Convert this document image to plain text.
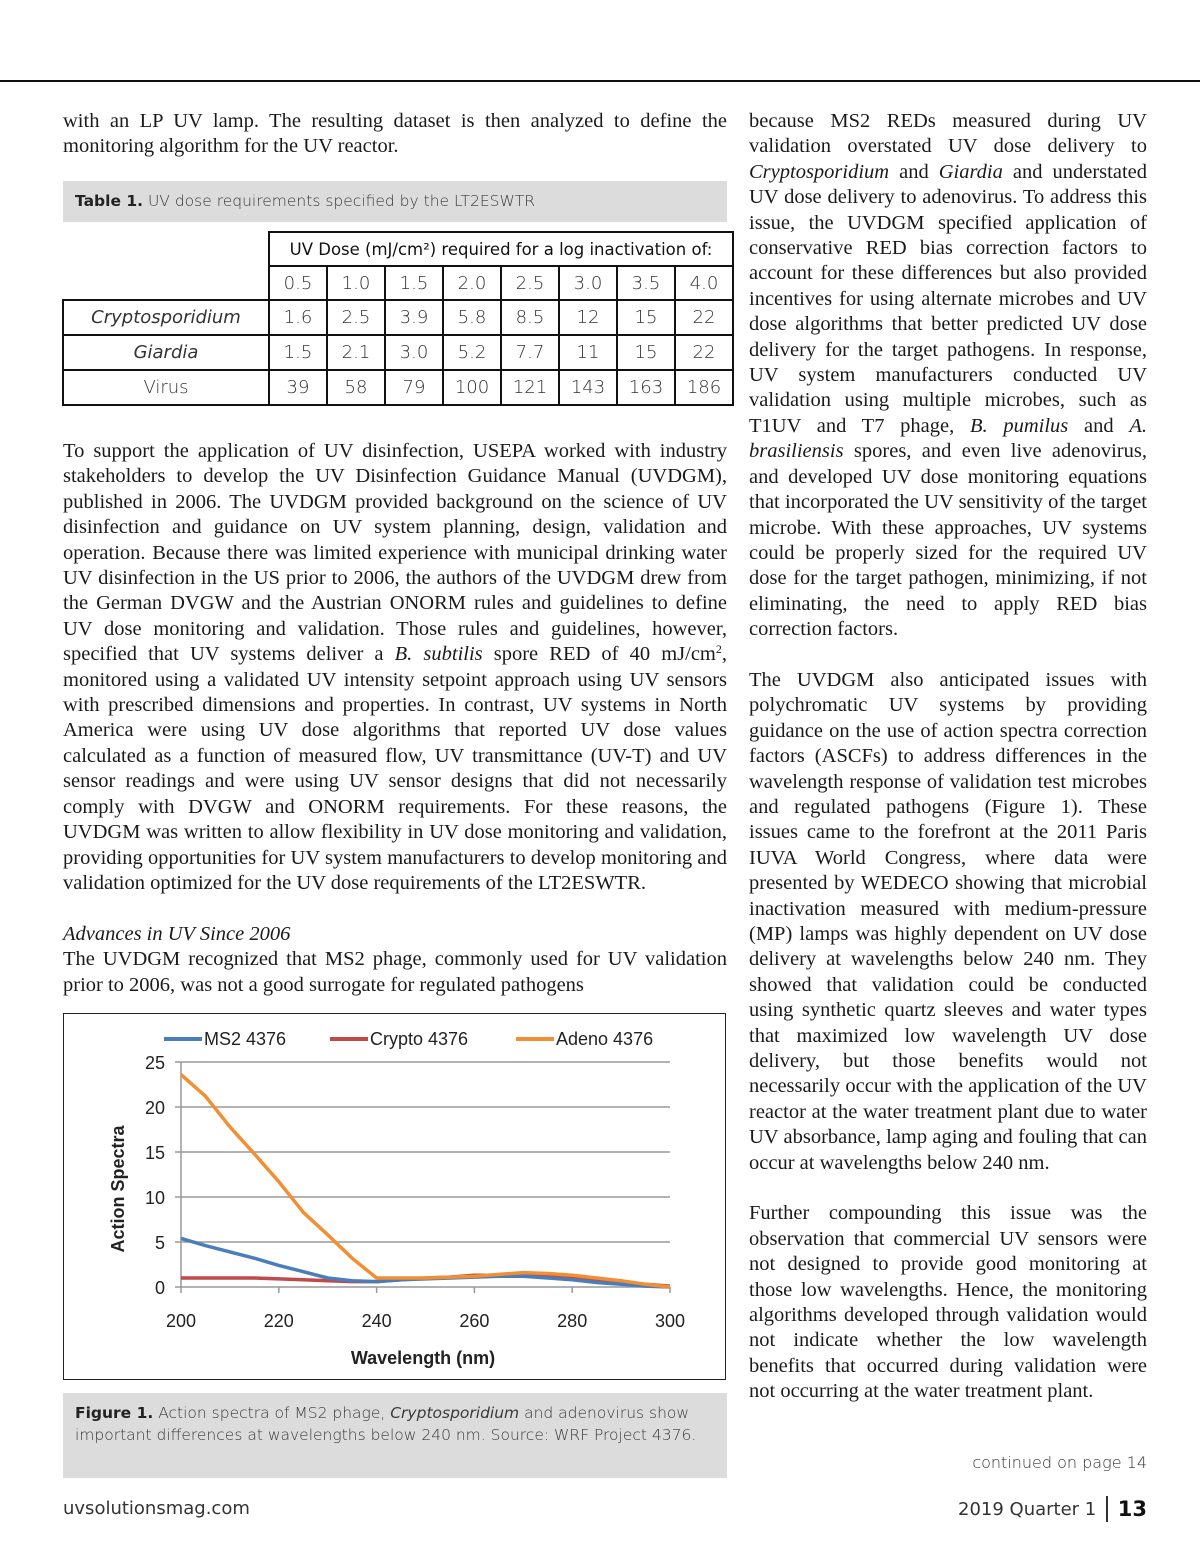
with an LP UV lamp. The resulting dataset is then analyzed to define the monitoring algorithm for the UV reactor.

Table 1. UV dose requirements specified by the LT2ESWTR
	UV Dose (mJ/cm²) required for a log inactivation of:							
	0.5	1.0	1.5	2.0	2.5	3.0	3.5	4.0
Cryptosporidium	1.6	2.5	3.9	5.8	8.5	12	15	22
Giardia	1.5	2.1	3.0	5.2	7.7	11	15	22
Virus	39	58	79	100	121	143	163	186

To support the application of UV disinfection, USEPA worked with industry stakeholders to develop the UV Disinfection Guidance Manual (UVDGM), published in 2006. The UVDGM provided background on the science of UV disinfection and guidance on UV system planning, design, validation and operation. Because there was limited experience with municipal drinking water UV disinfection in the US prior to 2006, the authors of the UVDGM drew from the German DVGW and the Austrian ONORM rules and guidelines to define UV dose monitoring and validation. Those rules and guidelines, however, specified that UV systems deliver a B. subtilis spore RED of 40 $mJ/cm^2$, monitored using a validated UV intensity setpoint approach using UV sensors with prescribed dimensions and properties. In contrast, UV systems in North America were using UV dose algorithms that reported UV dose values calculated as a function of measured flow, UV transmittance (UV-T) and UV sensor readings and were using UV sensor designs that did not necessarily comply with DVGW and ONORM requirements. For these reasons, the UVDGM was written to allow flexibility in UV dose monitoring and validation, providing opportunities for UV system manufacturers to develop monitoring and validation optimized for the UV dose requirements of the LT2ESWTR.

Advances in UV Since 2006

The UVDGM recognized that MS2 phage, commonly used for UV validation prior to 2006, was not a good surrogate for regulated pathogens

0
5
10
15
20
25
200	220	240	260	280	300
MS2 4376	Crypto 4376	Adeno 4376
Wavelength (nm)
Action Spectra
Figure 1. Action spectra of MS2 phage, Cryptosporidium and adenovirus show important differences at wavelengths below 240 nm. Source: WRF Project 4376.

because MS2 REDs measured during UV validation overstated UV dose delivery to Cryptosporidium and Giardia and understated UV dose delivery to adenovirus. To address this issue, the UVDGM specified application of conservative RED bias correction factors to account for these differences but also provided incentives for using alternate microbes and UV dose algorithms that better predicted UV dose delivery for the target pathogens. In response, UV system manufacturers conducted UV validation using multiple microbes, such as T1UV and T7 phage, B. pumilus and A. brasiliensis spores, and even live adenovirus, and developed UV dose monitoring equations that incorporated the UV sensitivity of the target microbe. With these approaches, UV systems could be properly sized for the required UV dose for the target pathogen, minimizing, if not eliminating, the need to apply RED bias correction factors.

The UVDGM also anticipated issues with polychromatic UV systems by providing guidance on the use of action spectra correction factors (ASCFs) to address differences in the wavelength response of validation test microbes and regulated pathogens (Figure 1). These issues came to the forefront at the 2011 Paris IUVA World Congress, where data were presented by WEDECO showing that microbial inactivation measured with medium-pressure (MP) lamps was highly dependent on UV dose delivery at wavelengths below 240 nm. They showed that validation could be conducted using synthetic quartz sleeves and water types that maximized low wavelength UV dose delivery, but those benefits would not necessarily occur with the application of the UV reactor at the water treatment plant due to water UV absorbance, lamp aging and fouling that can occur at wavelengths below 240 nm.

Further compounding this issue was the observation that commercial UV sensors were not designed to provide good monitoring at those low wavelengths. Hence, the monitoring algorithms developed through validation would not indicate whether the low wavelength benefits that occurred during validation were not occurring at the water treatment plant.

continued on page 14
uvsolutionsmag.com	2019 Quarter 1 13
